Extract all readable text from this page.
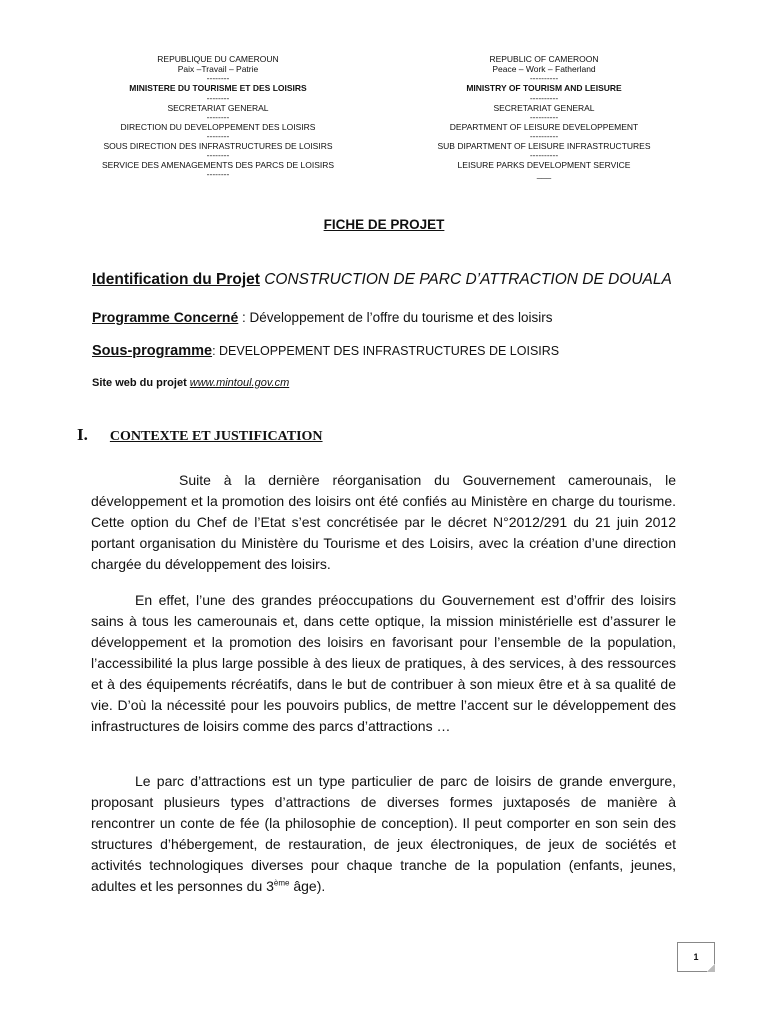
REPUBLIQUE DU CAMEROUN
Paix –Travail – Patrie
--------
MINISTERE DU TOURISME ET DES LOISIRS
--------
SECRETARIAT GENERAL
--------
DIRECTION DU DEVELOPPEMENT DES LOISIRS
--------
SOUS DIRECTION DES INFRASTRUCTURES DE LOISIRS
--------
SERVICE DES AMENAGEMENTS DES PARCS DE LOISIRS
--------
REPUBLIC OF CAMEROON
Peace – Work – Fatherland
----------
MINISTRY OF TOURISM AND LEISURE
----------
SECRETARIAT GENERAL
----------
DEPARTMENT OF LEISURE DEVELOPPEMENT
----------
SUB DIPARTMENT OF LEISURE INFRASTRUCTURES
----------
LEISURE PARKS DEVELOPMENT SERVICE
___
FICHE DE PROJET
Identification du Projet CONSTRUCTION DE PARC D’ATTRACTION DE DOUALA
Programme Concerné : Développement de l’offre du tourisme et des loisirs
Sous-programme: DEVELOPPEMENT DES INFRASTRUCTURES DE LOISIRS
Site web du projet www.mintoul.gov.cm
I. CONTEXTE ET JUSTIFICATION

Suite à la dernière réorganisation du Gouvernement camerounais, le développement et la promotion des loisirs ont été confiés au Ministère en charge du tourisme. Cette option du Chef de l’Etat s’est concrétisée par le décret N°2012/291 du 21 juin 2012 portant organisation du Ministère du Tourisme et des Loisirs, avec la création d’une direction chargée du développement des loisirs.

En effet, l’une des grandes préoccupations du Gouvernement est d’offrir des loisirs sains à tous les camerounais et, dans cette optique, la mission ministérielle est d’assurer le développement et la promotion des loisirs en favorisant pour l’ensemble de la population, l’accessibilité la plus large possible à des lieux de pratiques, à des services, à des ressources et à des équipements récréatifs, dans le but de contribuer à son mieux être et à sa qualité de vie. D’où la nécessité pour les pouvoirs publics, de mettre l’accent sur le développement des infrastructures de loisirs comme des parcs d’attractions …

Le parc d’attractions est un type particulier de parc de loisirs de grande envergure, proposant plusieurs types d’attractions de diverses formes juxtaposés de manière à rencontrer un conte de fée (la philosophie de conception). Il peut comporter en son sein des structures d’hébergement, de restauration, de jeux électroniques, de jeux de sociétés et activités technologiques diverses pour chaque tranche de la population (enfants, jeunes, adultes et les personnes du 3ème âge).

1
